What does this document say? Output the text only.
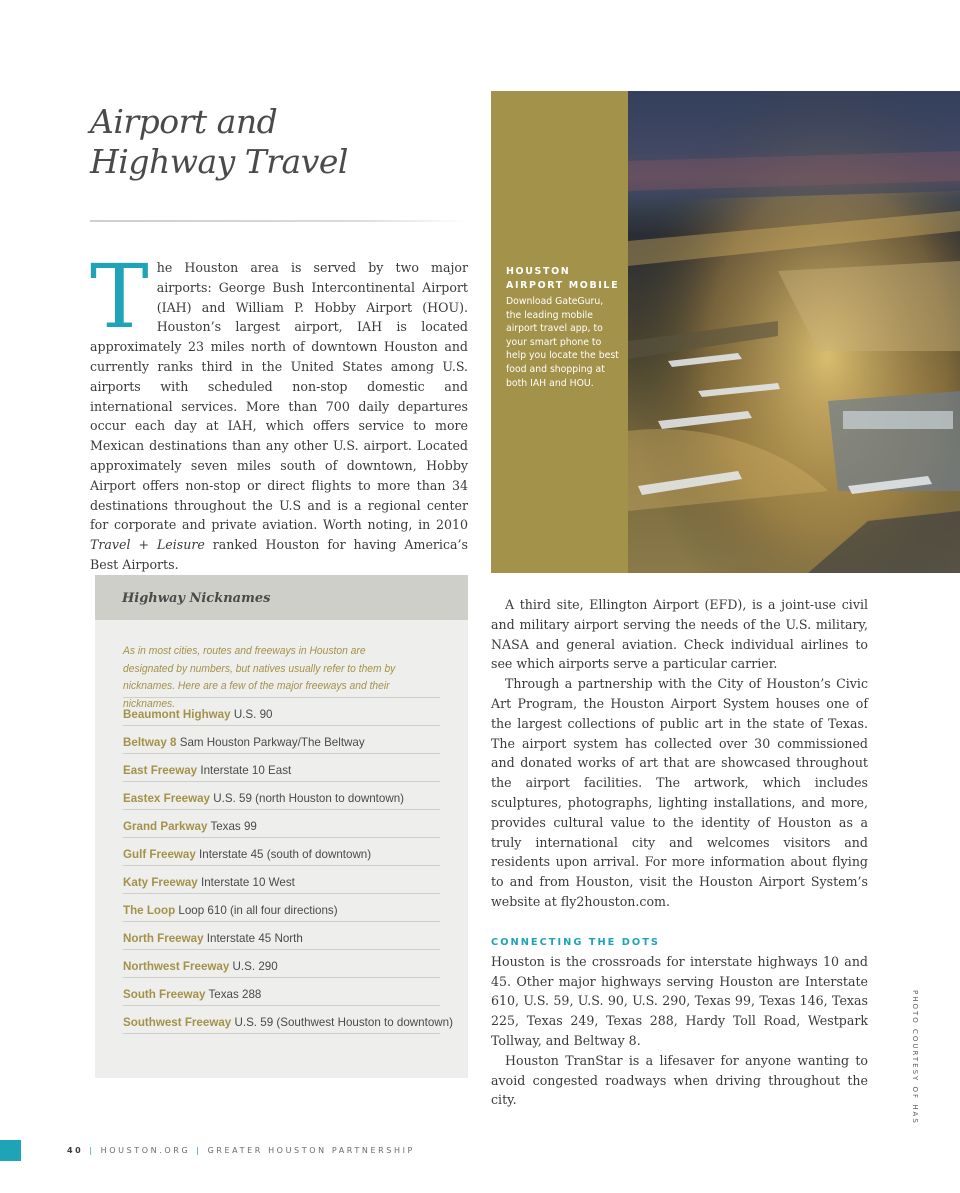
Airport and
Highway Travel

The Houston area is served by two major airports: George Bush Intercontinental Airport (IAH) and William P. Hobby Airport (HOU). Houston’s largest airport, IAH is located approximately 23 miles north of downtown Houston and currently ranks third in the United States among U.S. airports with scheduled non-stop domestic and international services. More than 700 daily departures occur each day at IAH, which offers service to more Mexican destinations than any other U.S. airport. Located approximately seven miles south of downtown, Hobby Airport offers non-stop or direct flights to more than 34 destinations throughout the U.S and is a regional center for corporate and private aviation. Worth noting, in 2010 Travel + Leisure ranked Houston for having America’s Best Airports.

HOUSTON
AIRPORT MOBILE

Download GateGuru, the leading mobile airport travel app, to your smart phone to help you locate the best food and shopping at both IAH and HOU.

Highway Nicknames

As in most cities, routes and freeways in Houston are designated by numbers, but natives usually refer to them by nicknames. Here are a few of the major freeways and their nicknames.

Beaumont Highway U.S. 90
Beltway 8 Sam Houston Parkway/The Beltway
East Freeway Interstate 10 East
Eastex Freeway U.S. 59 (north Houston to downtown)
Grand Parkway Texas 99
Gulf Freeway Interstate 45 (south of downtown)
Katy Freeway Interstate 10 West
The Loop Loop 610 (in all four directions)
North Freeway Interstate 45 North
Northwest Freeway U.S. 290
South Freeway Texas 288
Southwest Freeway U.S. 59 (Southwest Houston to downtown)

A third site, Ellington Airport (EFD), is a joint-use civil and military airport serving the needs of the U.S. military, NASA and general aviation. Check individual airlines to see which airports serve a particular carrier.

Through a partnership with the City of Houston’s Civic Art Program, the Houston Airport System houses one of the largest collections of public art in the state of Texas. The airport system has collected over 30 commissioned and donated works of art that are showcased throughout the airport facilities. The artwork, which includes sculptures, photographs, lighting installations, and more, provides cultural value to the identity of Houston as a truly international city and welcomes visitors and residents upon arrival. For more information about flying to and from Houston, visit the Houston Airport System’s website at fly2houston.com.

CONNECTING THE DOTS

Houston is the crossroads for interstate highways 10 and 45. Other major highways serving Houston are Interstate 610, U.S. 59, U.S. 90, U.S. 290, Texas 99, Texas 146, Texas 225, Texas 249, Texas 288, Hardy Toll Road, Westpark Tollway, and Beltway 8.

Houston TranStar is a lifesaver for anyone wanting to avoid congested roadways when driving throughout the city.	PHOTO COURTESY OF HAS
40 | HOUSTON.ORG | GREATER HOUSTON PARTNERSHIP
